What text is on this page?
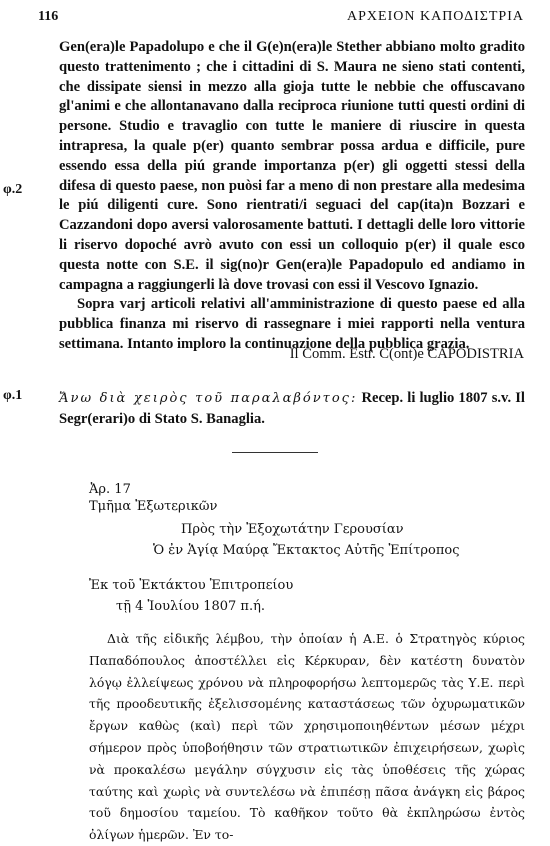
116	ΑΡΧΕΙΟΝ ΚΑΠΟΔΙΣΤΡΙΑ
φ.2

Gen(era)le Papadolupo e che il G(e)n(era)le Stether abbiano molto gradito questo trattenimento ; che i cittadini di S. Maura ne sieno stati contenti, che dissipate siensi in mezzo alla gioja tutte le nebbie che offuscavano gl'animi e che allontanavano dalla reciproca riunione tutti questi ordini di persone. Studio e travaglio con tutte le maniere di riuscire in questa intrapresa, la quale p(er) quanto sembrar possa ardua e difficile, pure essendo essa della piú grande importanza p(er) gli oggetti stessi della difesa di questo paese, non puòsi far a meno di non prestare alla medesima le piú diligenti cure. Sono rientrati/i seguaci del cap(ita)n Bozzari e Cazzandoni dopo aversi valorosamente battuti. I dettagli delle loro vittorie li riservo dopoché avrò avuto con essi un colloquio p(er) il quale esco questa notte con S.E. il sig(no)r Gen(era)le Papadopulo ed andiamo in campagna a raggiungerli là dove trovasi con essi il Vescovo Ignazio.

Sopra varj articoli relativi all'amministrazione di questo paese ed alla pubblica finanza mi riservo di rassegnare i miei rapporti nella ventura settimana. Intanto imploro la continuazione della pubblica grazia.

Il Comm. Estr. C(ont)e CAPODISTRIA
φ.1	Ἄνω διὰ χειρὸς τοῦ παραλαβόντος: Recep. li luglio 1807 s.v. Il Segr(erari)o di Stato S. Banaglia.
Ἀρ. 17
Τμῆμα Ἐξωτερικῶν
Πρὸς τὴν Ἐξοχωτάτην Γερουσίαν
Ὁ ἐν Ἁγίᾳ Μαύρᾳ Ἔκτακτος Αὐτῆς Ἐπίτροπος
Ἐκ τοῦ Ἐκτάκτου Ἐπιτροπείου
τῇ 4 Ἰουλίου 1807 π.ή.
Διὰ τῆς εἰδικῆς λέμβου, τὴν ὁποίαν ἡ Α.Ε. ὁ Στρατηγὸς κύριος Παπαδόπουλος ἀποστέλλει εἰς Κέρκυραν, δὲν κατέστη δυνατὸν λόγῳ ἐλλείψεως χρόνου νὰ πληροφορήσω λεπτομερῶς τὰς Υ.Ε. περὶ τῆς προοδευτικῆς ἐξελισσομένης καταστάσεως τῶν ὀχυρωματικῶν ἔργων καθὼς (καὶ) περὶ τῶν χρησιμοποιηθέντων μέσων μέχρι σήμερον πρὸς ὑποβοήθησιν τῶν στρατιωτικῶν ἐπιχειρήσεων, χωρὶς νὰ προκαλέσω μεγάλην σύγχυσιν εἰς τὰς ὑποθέσεις τῆς χώρας ταύτης καὶ χωρὶς νὰ συντελέσω νὰ ἐπιπέσῃ πᾶσα ἀνάγκη εἰς βάρος τοῦ δημοσίου ταμείου. Τὸ καθῆκον τοῦτο θὰ ἐκπληρώσω ἐντὸς ὀλίγων ἡμερῶν. Ἐν το-
